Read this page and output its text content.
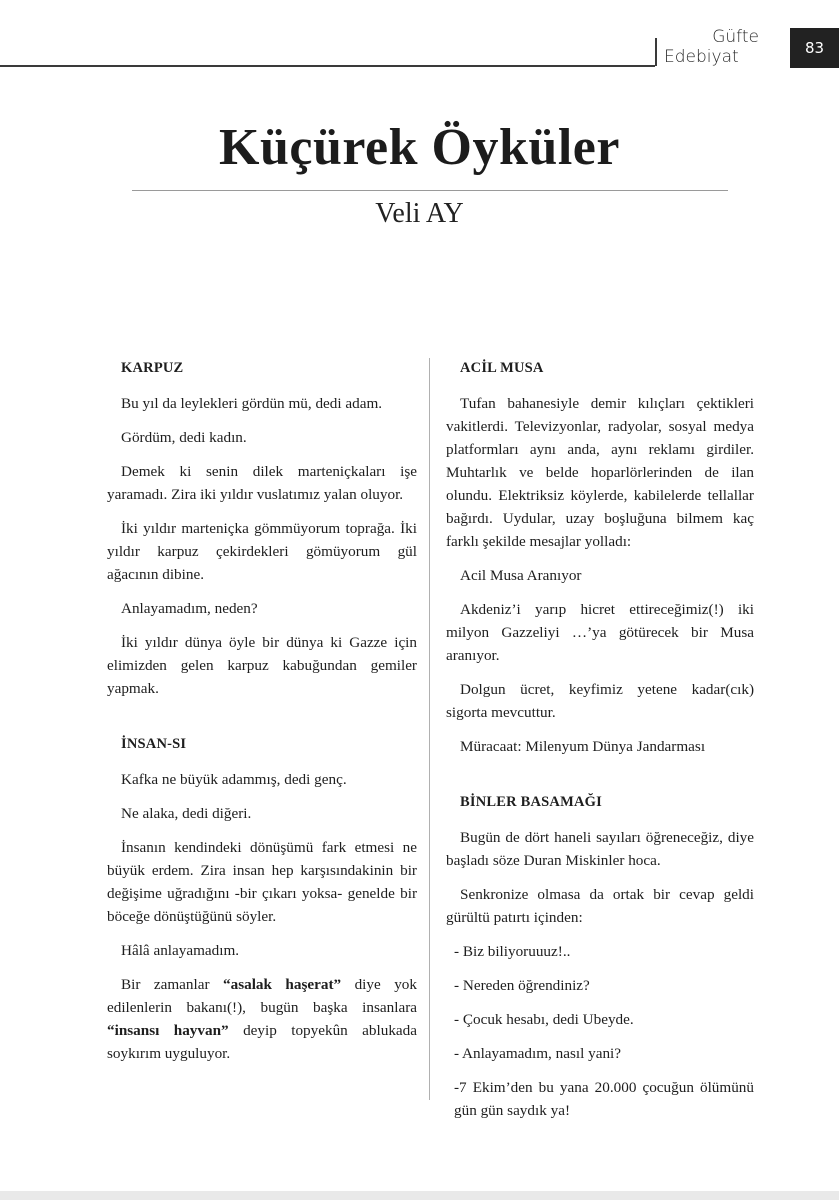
Güfte
Edebiyat	83
Küçürek Öyküler
Veli AY
KARPUZ

Bu yıl da leylekleri gördün mü, dedi adam.

Gördüm, dedi kadın.

Demek ki senin dilek marteniçkaları işe yaramadı. Zira iki yıldır vuslatımız yalan oluyor.

İki yıldır marteniçka gömmüyorum toprağa. İki yıldır karpuz çekirdekleri gömüyorum gül ağacının dibine.

Anlayamadım, neden?

İki yıldır dünya öyle bir dünya ki Gazze için elimizden gelen karpuz kabuğundan gemiler yapmak.

İNSAN-SI

Kafka ne büyük adammış, dedi genç.

Ne alaka, dedi diğeri.

İnsanın kendindeki dönüşümü fark etmesi ne büyük erdem. Zira insan hep karşısındakinin bir değişime uğradığını -bir çıkarı yoksa- genelde bir böceğe dönüştüğünü söyler.

Hâlâ anlayamadım.

Bir zamanlar “asalak haşerat” diye yok edilenlerin bakanı(!), bugün başka insanlara “insansı hayvan” deyip topyekûn ablukada soykırım uyguluyor.

ACİL MUSA

Tufan bahanesiyle demir kılıçları çektikleri vakitlerdi. Televizyonlar, radyolar, sosyal medya platformları aynı anda, aynı reklamı girdiler. Muhtarlık ve belde hoparlörlerinden de ilan olundu. Elektriksiz köylerde, kabilelerde tellallar bağırdı. Uydular, uzay boşluğuna bilmem kaç farklı şekilde mesajlar yolladı:

Acil Musa Aranıyor

Akdeniz’i yarıp hicret ettireceğimiz(!) iki milyon Gazzeliyi …’ya götürecek bir Musa aranıyor.

Dolgun ücret, keyfimiz yetene kadar(cık) sigorta mevcuttur.

Müracaat: Milenyum Dünya Jandarması

BİNLER BASAMAĞI

Bugün de dört haneli sayıları öğreneceğiz, diye başladı söze Duran Miskinler hoca.

Senkronize olmasa da ortak bir cevap geldi gürültü patırtı içinden:

- Biz biliyoruuuz!..

- Nereden öğrendiniz?

- Çocuk hesabı, dedi Ubeyde.

- Anlayamadım, nasıl yani?

-7 Ekim’den bu yana 20.000 çocuğun ölümünü gün gün saydık ya!
